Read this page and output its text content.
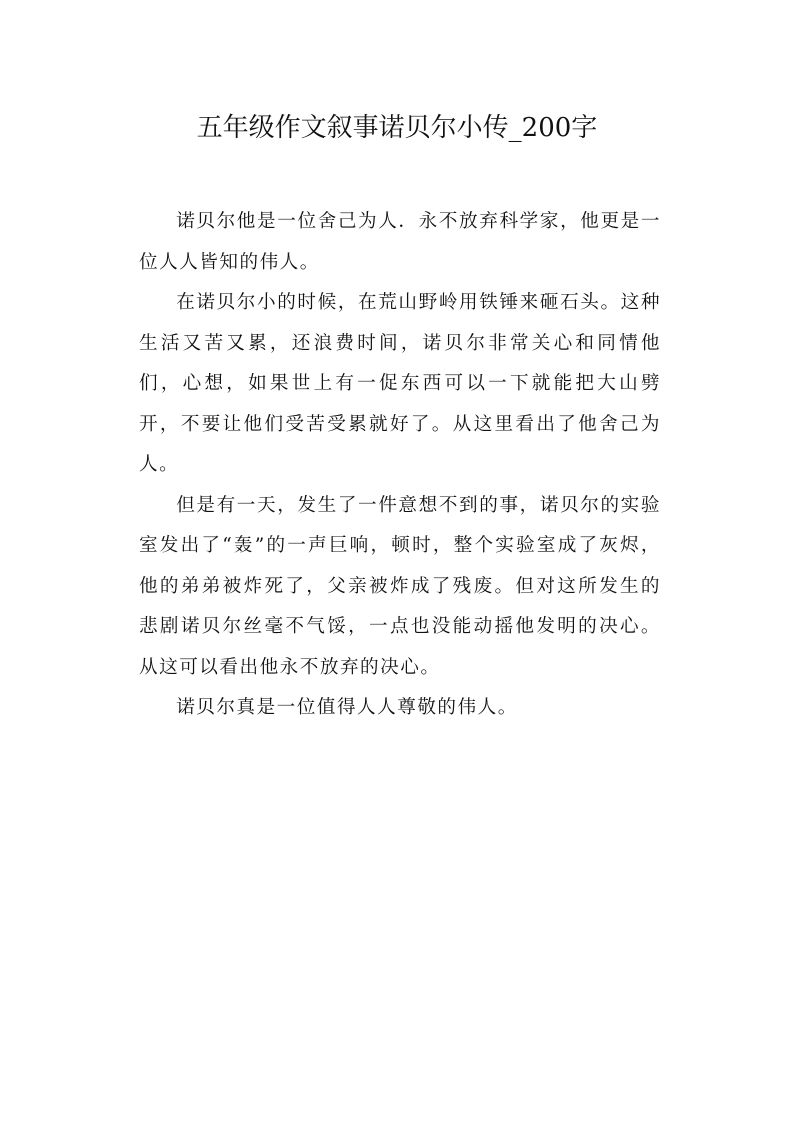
五年级作文叙事诺贝尔小传_200字

诺贝尔他是一位舍己为人．永不放弃科学家，他更是一位人人皆知的伟人。

在诺贝尔小的时候，在荒山野岭用铁锤来砸石头。这种生活又苦又累，还浪费时间，诺贝尔非常关心和同情他们，心想，如果世上有一促东西可以一下就能把大山劈开，不要让他们受苦受累就好了。从这里看出了他舍己为人。

但是有一天，发生了一件意想不到的事，诺贝尔的实验室发出了“轰”的一声巨响，顿时，整个实验室成了灰烬，他的弟弟被炸死了，父亲被炸成了残废。但对这所发生的悲剧诺贝尔丝毫不气馁，一点也没能动摇他发明的决心。从这可以看出他永不放弃的决心。

诺贝尔真是一位值得人人尊敬的伟人。
